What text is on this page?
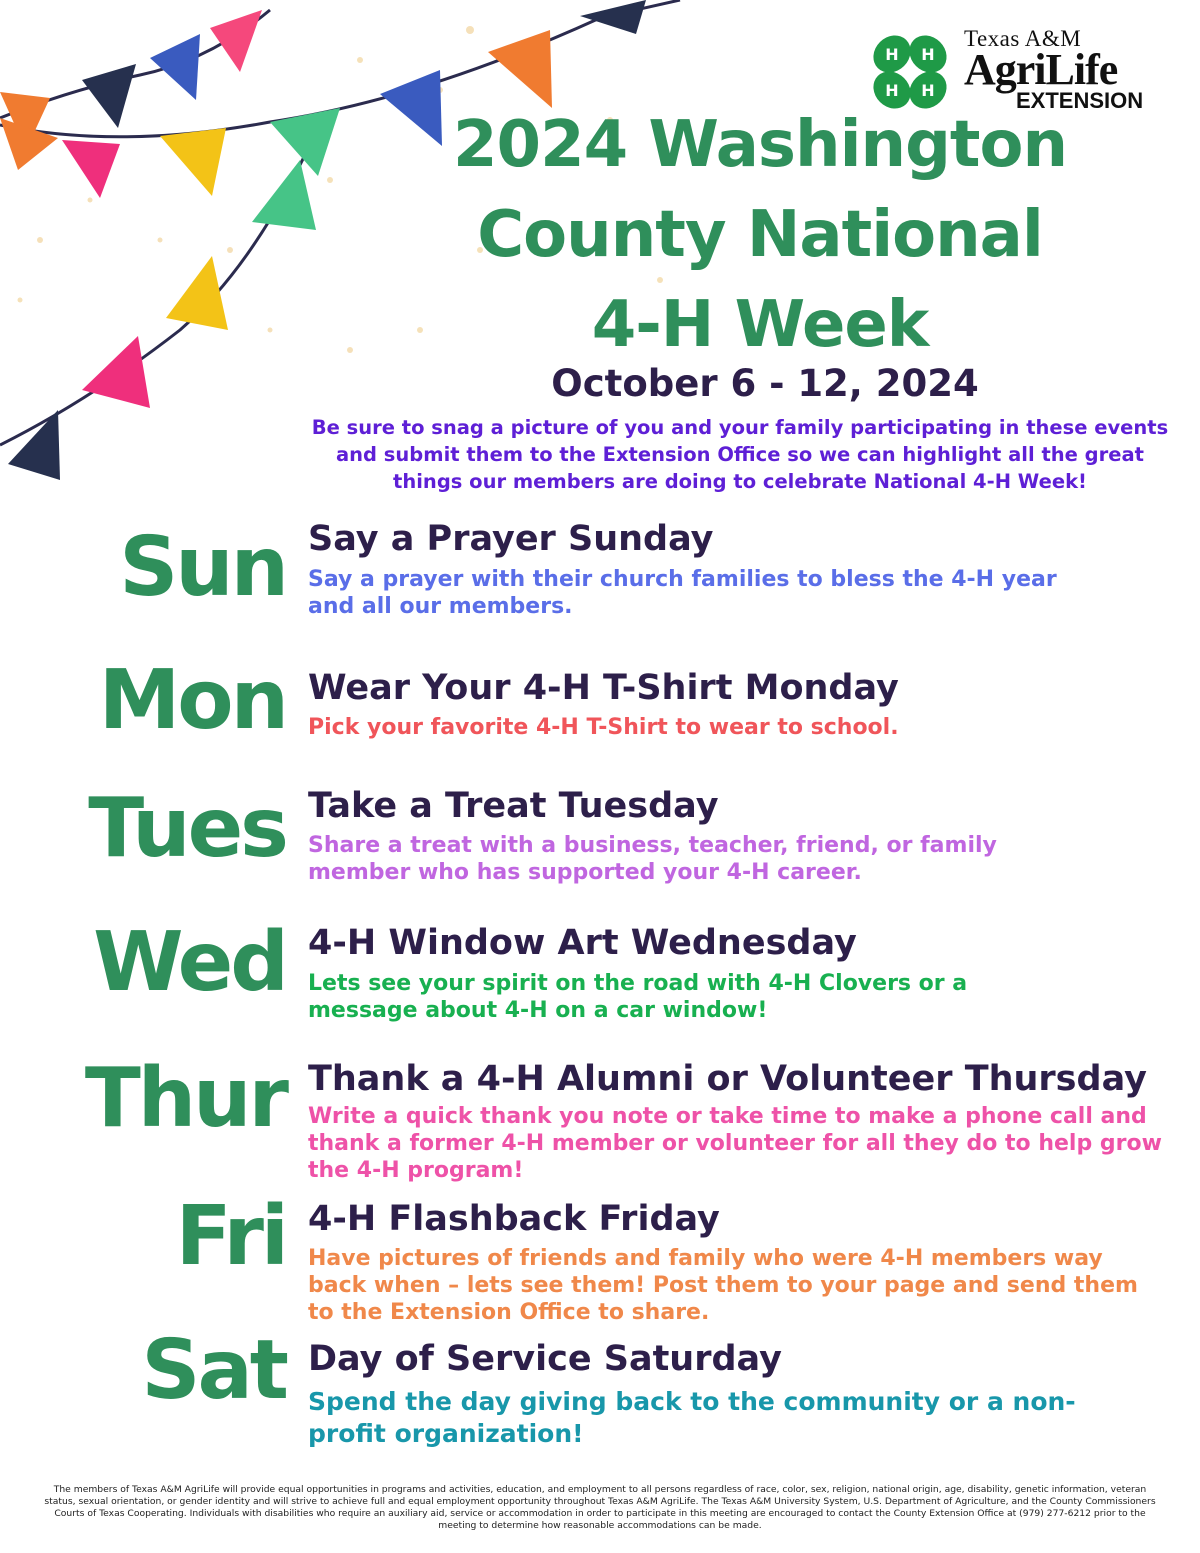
H H
H H
Texas A&M
AgriLife
EXTENSION
2024 Washington
County National
4-H Week
October 6 - 12, 2024
Be sure to snag a picture of you and your family participating in these events and submit them to the Extension Office so we can highlight all the great things our members are doing to celebrate National 4-H Week!
Sun Say a Prayer Sunday
Say a prayer with their church families to bless the 4-H year and all our members.
Mon Wear Your 4-H T-Shirt Monday
Pick your favorite 4-H T-Shirt to wear to school.
Tues Take a Treat Tuesday
Share a treat with a business, teacher, friend, or family member who has supported your 4-H career.
Wed 4-H Window Art Wednesday
Lets see your spirit on the road with 4-H Clovers or a message about 4-H on a car window!
Thur Thank a 4-H Alumni or Volunteer Thursday
Write a quick thank you note or take time to make a phone call and thank a former 4-H member or volunteer for all they do to help grow the 4-H program!
Fri 4-H Flashback Friday
Have pictures of friends and family who were 4-H members way back when – lets see them! Post them to your page and send them to the Extension Office to share.
Sat Day of Service Saturday
Spend the day giving back to the community or a non-profit organization!
The members of Texas A&M AgriLife will provide equal opportunities in programs and activities, education, and employment to all persons regardless of race, color, sex, religion, national origin, age, disability, genetic information, veteran status, sexual orientation, or gender identity and will strive to achieve full and equal employment opportunity throughout Texas A&M AgriLife. The Texas A&M University System, U.S. Department of Agriculture, and the County Commissioners Courts of Texas Cooperating. Individuals with disabilities who require an auxiliary aid, service or accommodation in order to participate in this meeting are encouraged to contact the County Extension Office at (979) 277-6212 prior to the meeting to determine how reasonable accommodations can be made.
